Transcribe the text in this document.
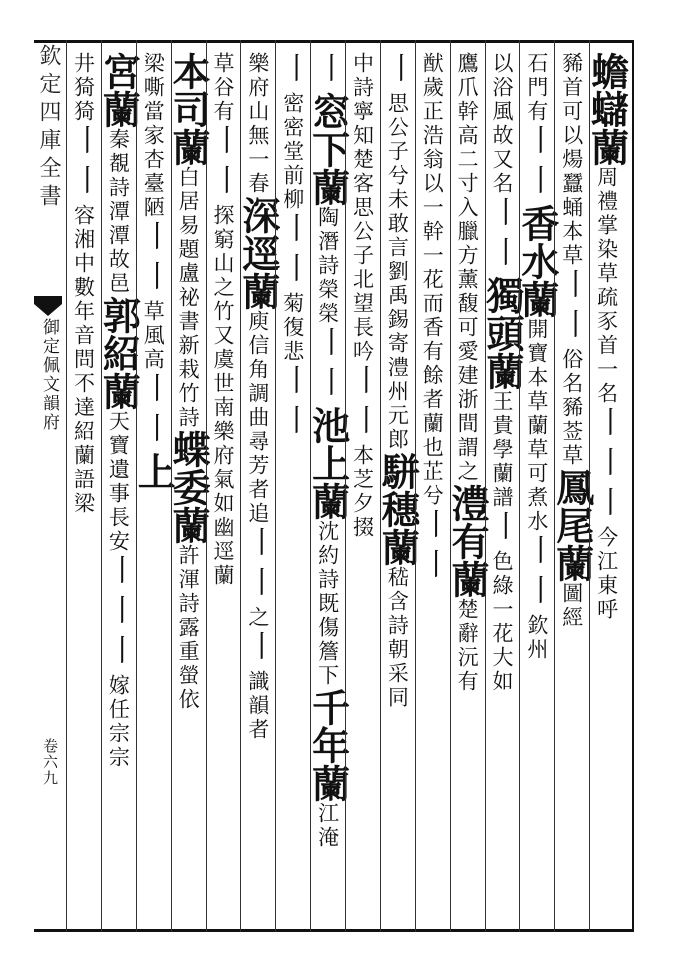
欽定四庫全書
御定佩文韻府
卷六九
蟾蠩蘭周禮掌染草疏豕首一名丨丨丨今江東呼
豨首可以煬蠶蛹本草丨丨俗名豨莶草鳳尾蘭圖經
石門有丨丨香水蘭開寶本草蘭草可煮水丨丨欽州
以浴風故又名丨丨獨頭蘭王貴學蘭譜丨色綠一花大如
鷹爪幹高二寸入臘方薰馥可愛建浙間謂之澧有蘭楚辭沅有
猷歲正浩翁以一幹一花而香有餘者蘭也芷兮丨丨
丨思公子兮未敢言劉禹錫寄澧州元郎駢穗蘭嵇含詩朝采同
中詩寧知楚客思公子北望長吟丨丨本芝夕掇
丨窓下蘭陶潛詩榮榮丨丨池上蘭沈約詩既傷簷下千年蘭江淹
丨密密堂前柳丨丨菊復悲丨丨
樂府山無一春深逕蘭庾信角調曲尋芳者追丨丨之丨識韻者
草谷有丨丨探窮山之竹又虞世南樂府氣如幽逕蘭
本司蘭白居易題盧祕書新栽竹詩蝶委蘭許渾詩露重螢依
梁嘶當家杏臺陋丨丨草風高丨丨上
宮蘭秦覩詩潭潭故邑郭紹蘭天寶遺事長安丨丨丨嫁任宗宗
井猗猗丨丨容湘中數年音問不達紹蘭語梁
